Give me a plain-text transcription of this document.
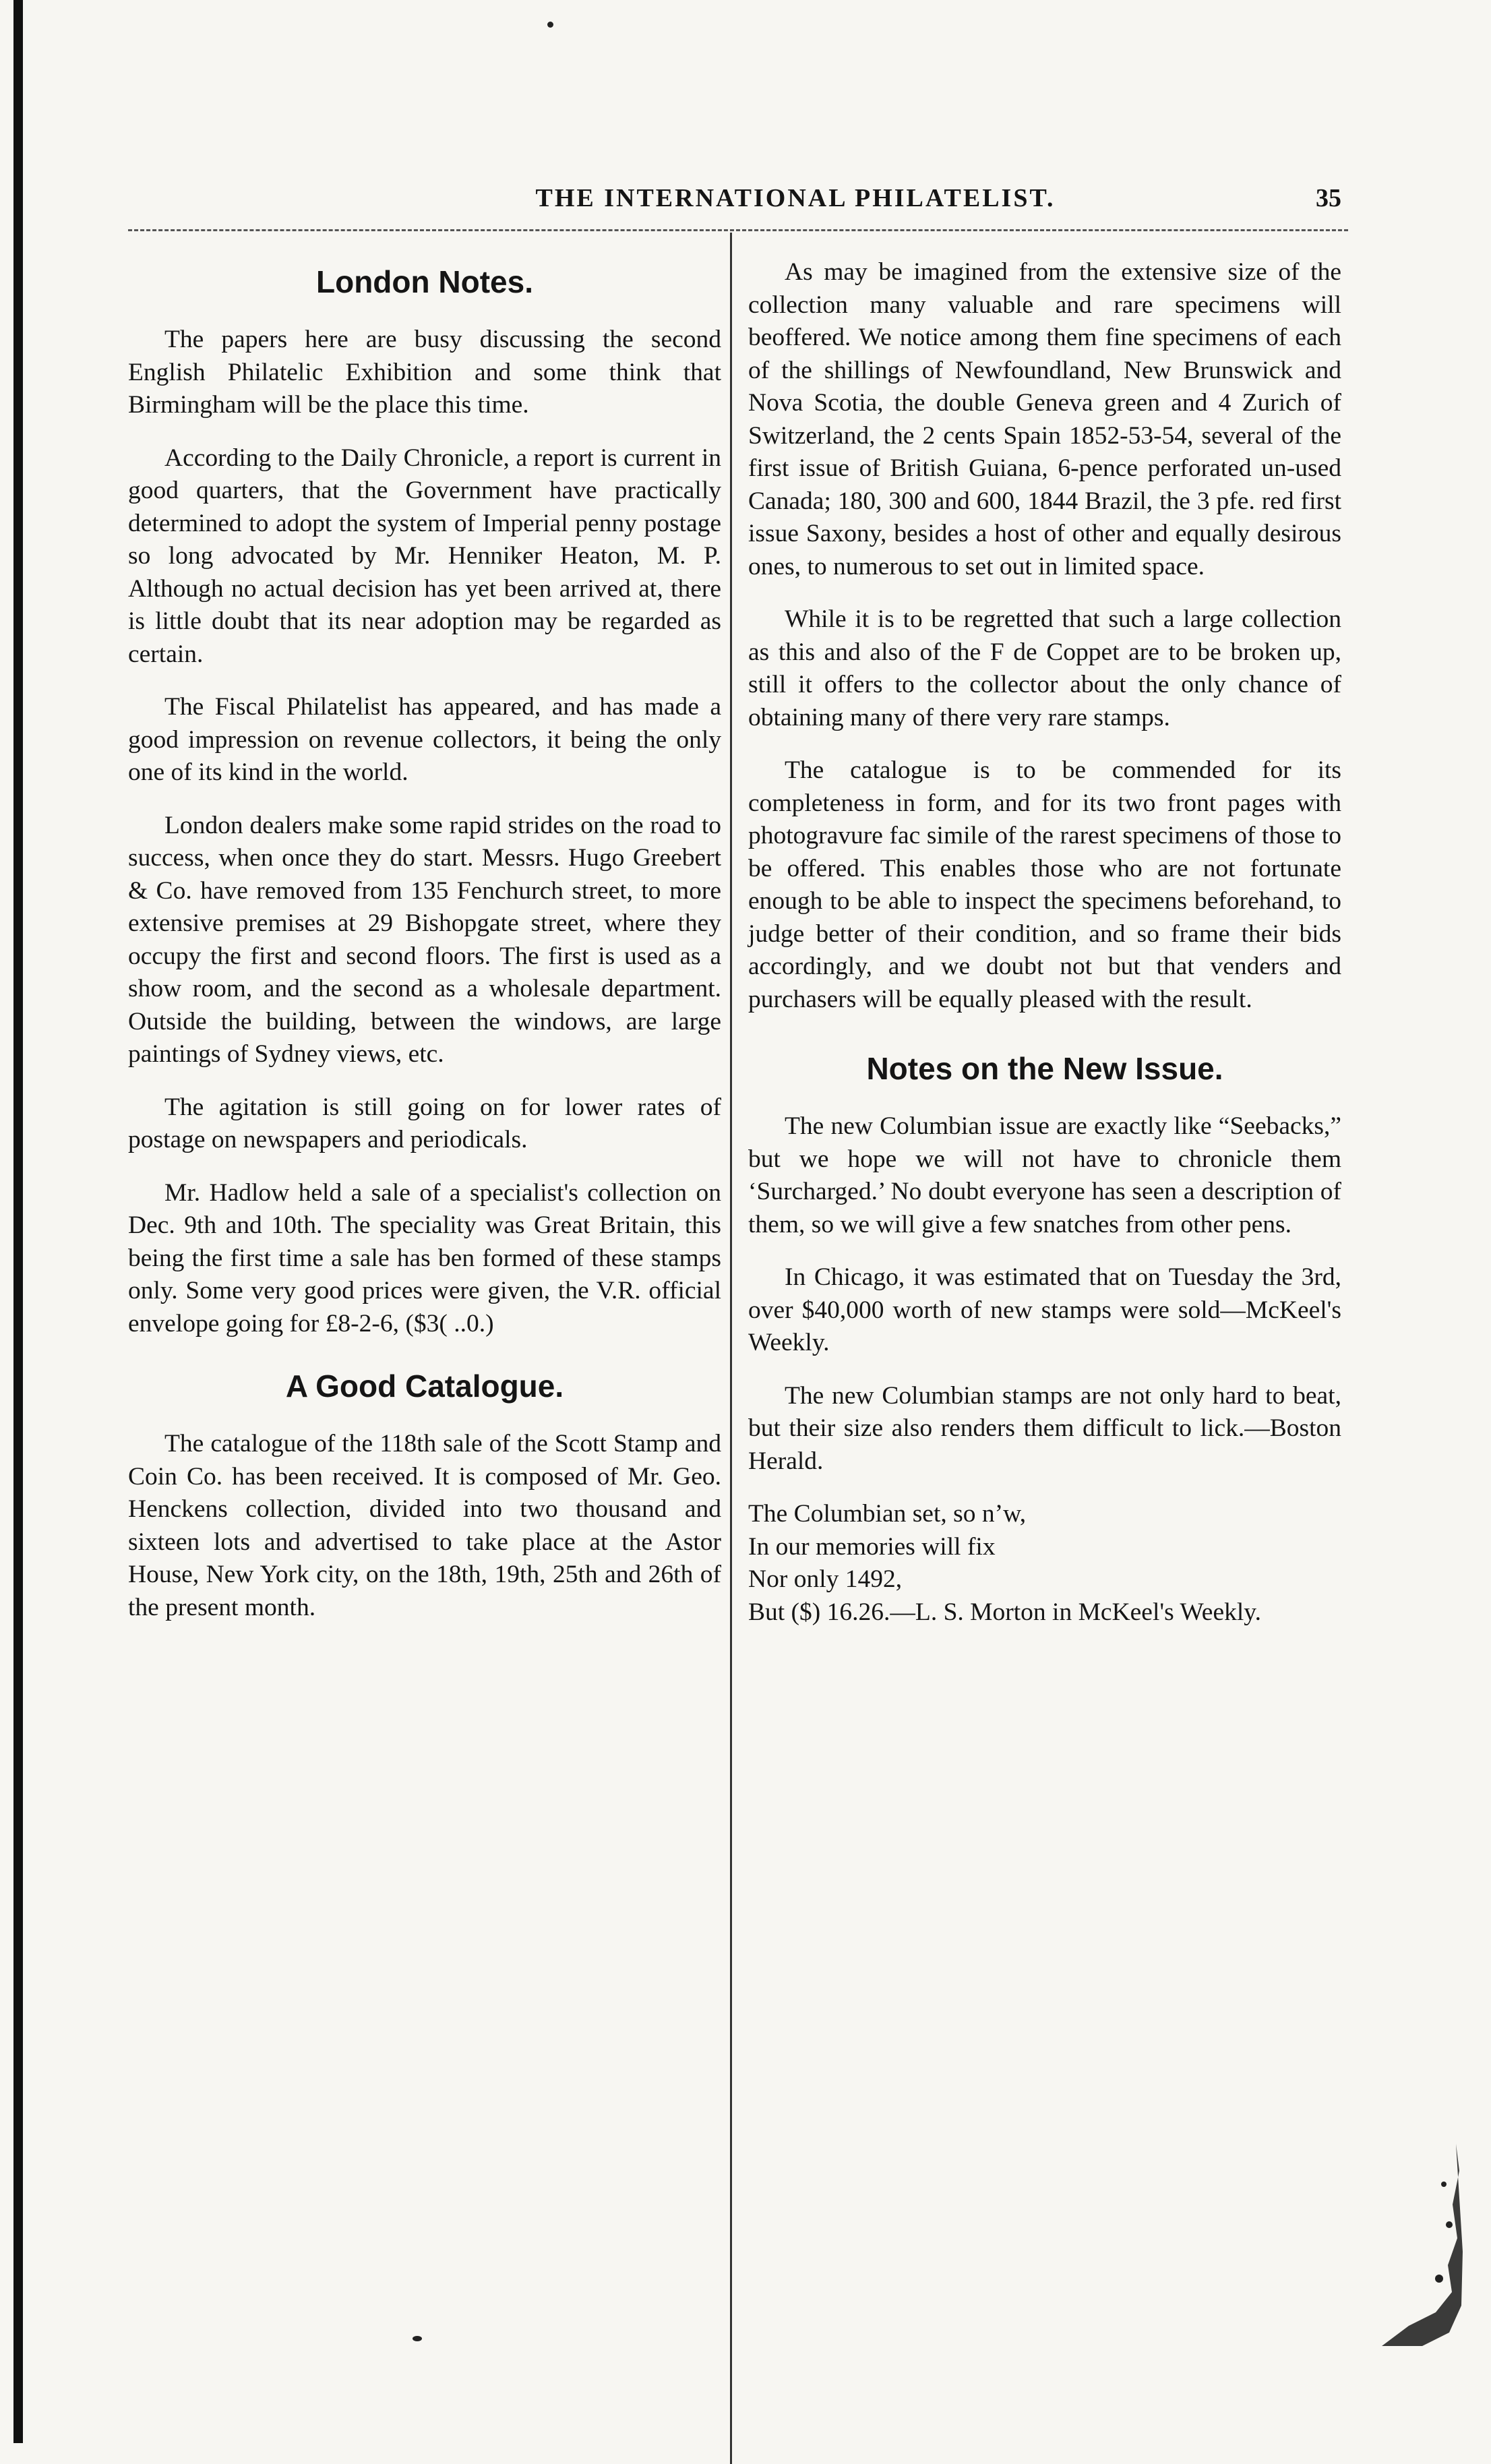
THE INTERNATIONAL PHILATELIST.	35
London Notes.

The papers here are busy discussing the second English Philatelic Exhibition and some think that Birmingham will be the place this time.

According to the Daily Chronicle, a report is current in good quarters, that the Government have practically determined to adopt the system of Imperial penny postage so long advocated by Mr. Henniker Heaton, M. P. Although no actual decision has yet been arrived at, there is little doubt that its near adoption may be regarded as certain.

The Fiscal Philatelist has appeared, and has made a good impression on revenue collectors, it being the only one of its kind in the world.

London dealers make some rapid strides on the road to success, when once they do start. Messrs. Hugo Greebert & Co. have removed from 135 Fenchurch street, to more extensive premises at 29 Bishopgate street, where they occupy the first and second floors. The first is used as a show room, and the second as a wholesale department. Outside the building, between the windows, are large paintings of Sydney views, etc.

The agitation is still going on for lower rates of postage on newspapers and periodicals.

Mr. Hadlow held a sale of a specialist's collection on Dec. 9th and 10th. The speciality was Great Britain, this being the first time a sale has ben formed of these stamps only. Some very good prices were given, the V.R. official envelope going for £8-2-6, ($3( ..0.)

A Good Catalogue.

The catalogue of the 118th sale of the Scott Stamp and Coin Co. has been received. It is composed of Mr. Geo. Henckens collection, divided into two thousand and sixteen lots and advertised to take place at the Astor House, New York city, on the 18th, 19th, 25th and 26th of the present month.

As may be imagined from the extensive size of the collection many valuable and rare specimens will beoffered. We notice among them fine specimens of each of the shillings of Newfoundland, New Brunswick and Nova Scotia, the double Geneva green and 4 Zurich of Switzerland, the 2 cents Spain 1852-53-54, several of the first issue of British Guiana, 6-pence perforated un-used Canada; 180, 300 and 600, 1844 Brazil, the 3 pfe. red first issue Saxony, besides a host of other and equally desirous ones, to numerous to set out in limited space.

While it is to be regretted that such a large collection as this and also of the F de Coppet are to be broken up, still it offers to the collector about the only chance of obtaining many of there very rare stamps.

The catalogue is to be commended for its completeness in form, and for its two front pages with photogravure fac simile of the rarest specimens of those to be offered. This enables those who are not fortunate enough to be able to inspect the specimens beforehand, to judge better of their condition, and so frame their bids accordingly, and we doubt not but that venders and purchasers will be equally pleased with the result.

Notes on the New Issue.

The new Columbian issue are exactly like “Seebacks,” but we hope we will not have to chronicle them ‘Surcharged.’ No doubt everyone has seen a description of them, so we will give a few snatches from other pens.

In Chicago, it was estimated that on Tuesday the 3rd, over $40,000 worth of new stamps were sold—McKeel's Weekly.

The new Columbian stamps are not only hard to beat, but their size also renders them difficult to lick.—Boston Herald.

The Columbian set, so n’w,

In our memories will fix

Nor only 1492,

But ($) 16.26.—L. S. Morton in McKeel's Weekly.
